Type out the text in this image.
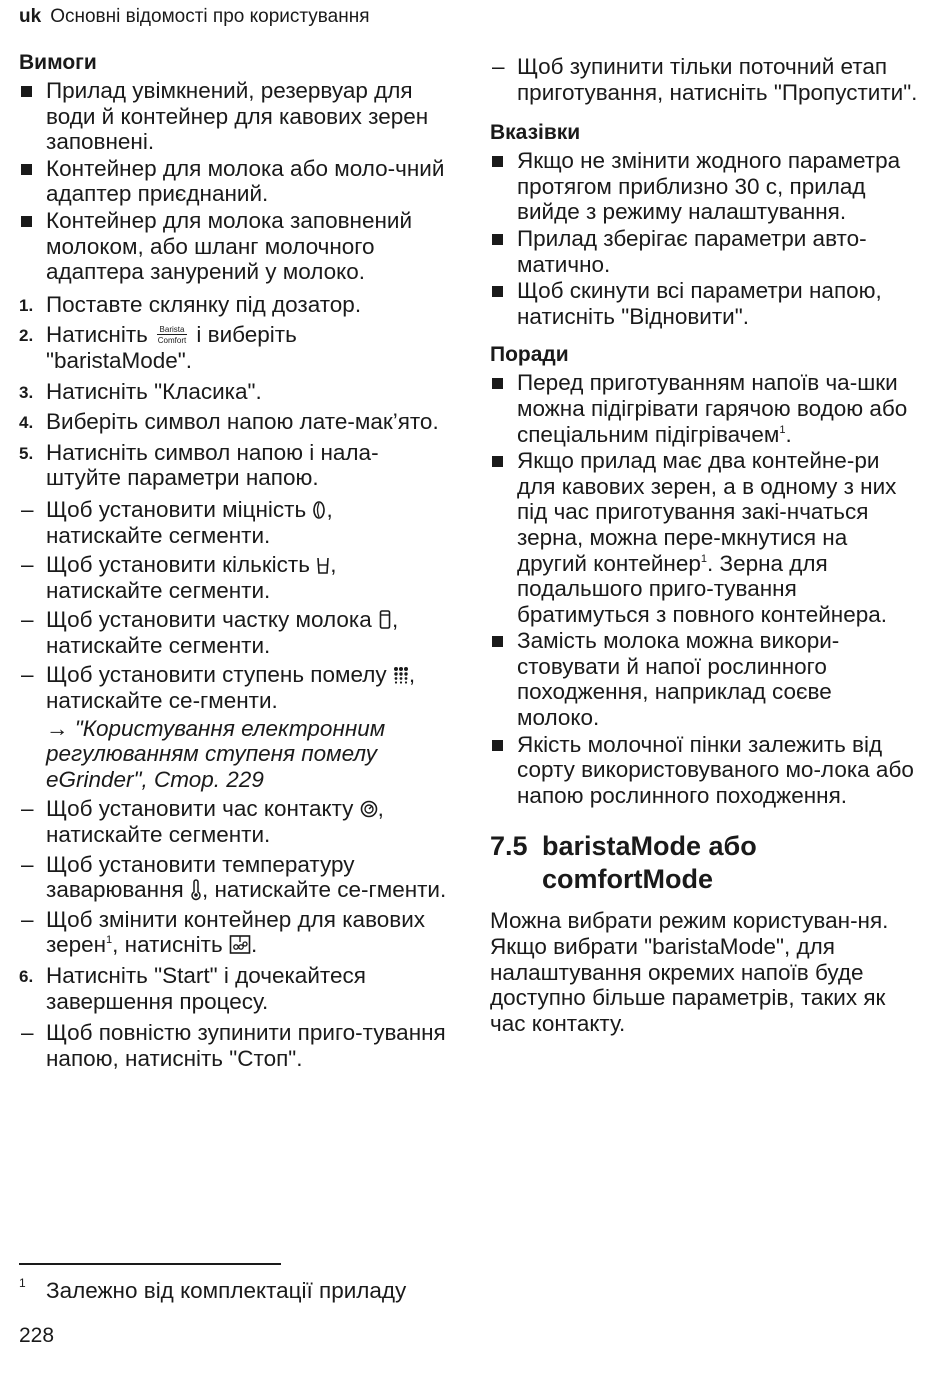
uk Основні відомості про користування
Вимоги
Прилад увімкнений, резервуар для води й контейнер для кавових зерен заповнені.
Контейнер для молока або моло-чний адаптер приєднаний.
Контейнер для молока заповнений молоком, або шланг молочного адаптера занурений у молоко.
1. Поставте склянку під дозатор.
2. Натисніть Barista
Comfort і виберіть "baristaMode".
3. Натисніть "Класика".
4. Виберіть символ напою лате-мак’ято.
5. Натисніть символ напою і нала-штуйте параметри напою.
– Щоб установити міцність , натискайте сегменти.
– Щоб установити кількість , натискайте сегменти.
– Щоб установити частку молока , натискайте сегменти.
– Щоб установити ступень помелу , натискайте се-гменти.
→ "Користування електронним регулюванням ступеня помелу eGrinder", Стор. 229
– Щоб установити час контакту , натискайте сегменти.
– Щоб установити температуру заварювання , натискайте се-гменти.
– Щоб змінити контейнер для кавових зерен$^1$, натисніть .
6. Натисніть "Start" і дочекайтеся завершення процесу.
– Щоб повністю зупинити приго-тування напою, натисніть "Стоп".
– Щоб зупинити тільки поточний етап приготування, натисніть "Пропустити".
Вказівки
Якщо не змінити жодного параметра протягом приблизно 30 с, прилад вийде з режиму налаштування.
Прилад зберігає параметри авто-матично.
Щоб скинути всі параметри напою, натисніть "Відновити".
Поради
Перед приготуванням напоїв ча-шки можна підігрівати гарячою водою або спеціальним підігрівачем$^1$.
Якщо прилад має два контейне-ри для кавових зерен, а в одному з них під час приготування закі-нчаться зерна, можна пере-мкнутися на другий контейнер$^1$. Зерна для подальшого приго-тування братимуться з повного контейнера.
Замість молока можна викори-стовувати й напої рослинного походження, наприклад соєве молоко.
Якість молочної пінки залежить від сорту використовуваного мо-лока або напою рослинного походження.
7.5 baristaMode або comfortMode
Можна вибрати режим користуван-ня.
Якщо вибрати "baristaMode", для налаштування окремих напоїв буде доступно більше параметрів, таких як час контакту.
1 Залежно від комплектації приладу
228
